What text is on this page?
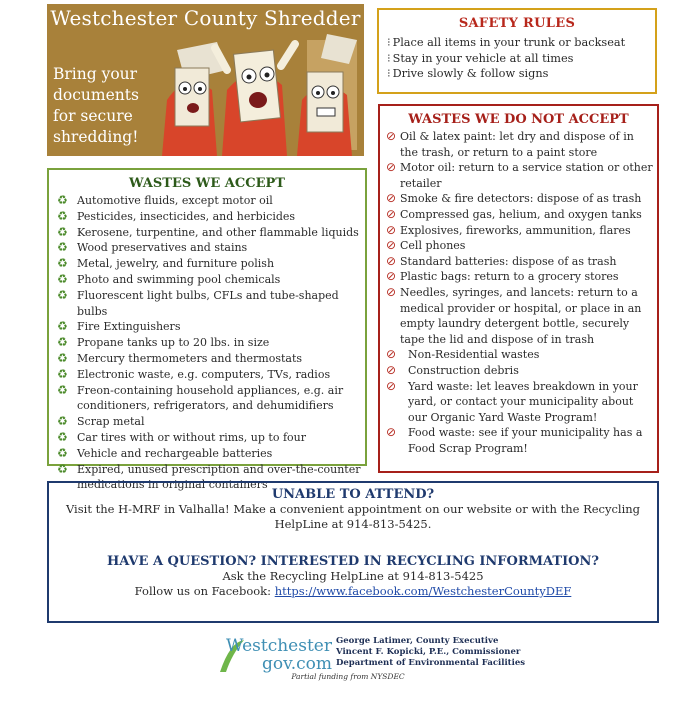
Westchester County Shredder
Bring your documents for secure shredding!
SAFETY RULES
⁝ Place all items in your trunk or backseat
⁝ Stay in your vehicle at all times
⁝ Drive slowly & follow signs
WASTES WE ACCEPT
♻ Automotive fluids, except motor oil
♻ Pesticides, insecticides, and herbicides
♻ Kerosene, turpentine, and other flammable liquids
♻ Wood preservatives and stains
♻ Metal, jewelry, and furniture polish
♻ Photo and swimming pool chemicals
♻ Fluorescent light bulbs, CFLs and tube-shaped bulbs
♻ Fire Extinguishers
♻ Propane tanks up to 20 lbs. in size
♻ Mercury thermometers and thermostats
♻ Electronic waste, e.g. computers, TVs, radios
♻ Freon-containing household appliances, e.g. air conditioners, refrigerators, and dehumidifiers
♻ Scrap metal
♻ Car tires with or without rims, up to four
♻ Vehicle and rechargeable batteries
♻ Expired, unused prescription and over-the-counter medications in original containers
WASTES WE DO NOT ACCEPT
⊘ Oil & latex paint: let dry and dispose of in the trash, or return to a paint store
⊘ Motor oil: return to a service station or other retailer
⊘ Smoke & fire detectors: dispose of as trash
⊘ Compressed gas, helium, and oxygen tanks
⊘ Explosives, fireworks, ammunition, flares
⊘ Cell phones
⊘ Standard batteries: dispose of as trash
⊘ Plastic bags: return to a grocery stores
⊘ Needles, syringes, and lancets: return to a medical provider or hospital, or place in an empty laundry detergent bottle, securely tape the lid and dispose of in trash
⊘ Non-Residential wastes
⊘ Construction debris
⊘ Yard waste: let leaves breakdown in your yard, or contact your municipality about our Organic Yard Waste Program!
⊘ Food waste: see if your municipality has a Food Scrap Program!
UNABLE TO ATTEND?

Visit the H-MRF in Valhalla! Make a convenient appointment on our website or with the Recycling HelpLine at 914-813-5425.

HAVE A QUESTION? INTERESTED IN RECYCLING INFORMATION?

Ask the Recycling HelpLine at 914-813-5425

Follow us on Facebook: https://www.facebook.com/WestchesterCountyDEF

Westchester
gov.com
George Latimer, County Executive
Vincent F. Kopicki, P.E., Commissioner
Department of Environmental Facilities
Partial funding from NYSDEC
